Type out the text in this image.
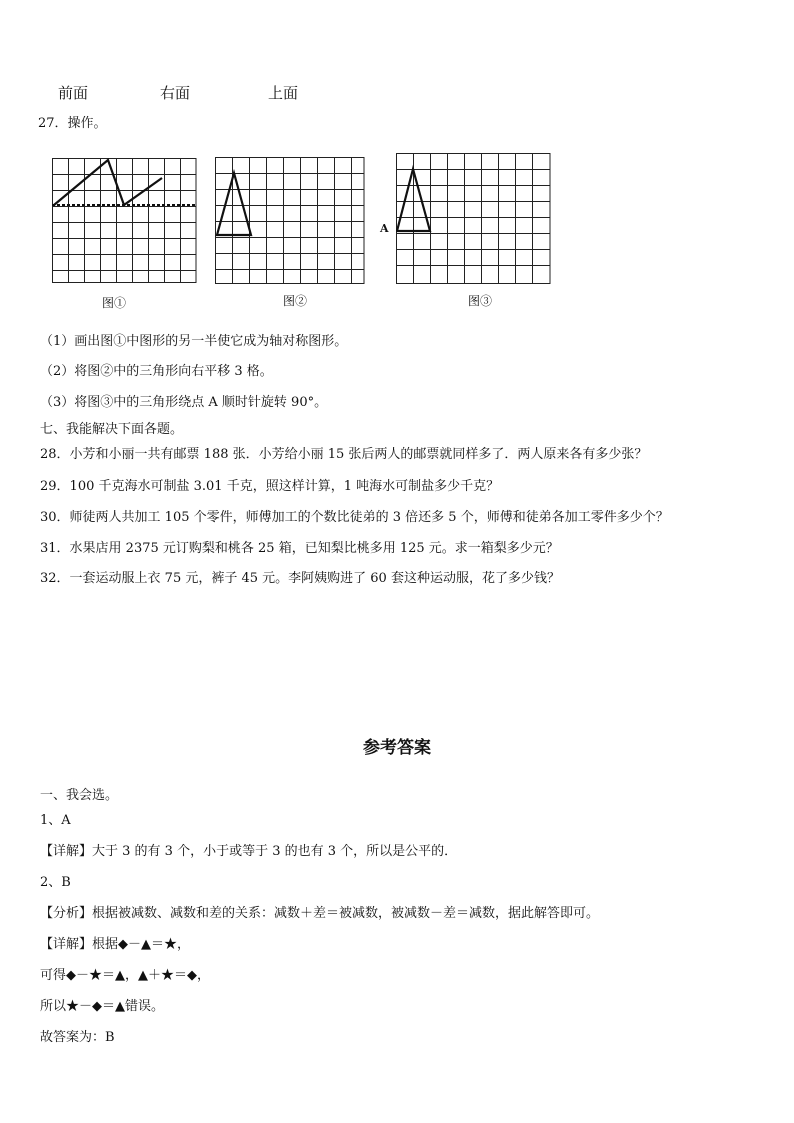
前面	右面	上面
27．操作。
图①	图②
A
图③
（1）画出图①中图形的另一半使它成为轴对称图形。
（2）将图②中的三角形向右平移 3 格。
（3）将图③中的三角形绕点 A 顺时针旋转 90°。
七、我能解决下面各题。
28．小芳和小丽一共有邮票 188 张．小芳给小丽 15 张后两人的邮票就同样多了．两人原来各有多少张？
29．100 千克海水可制盐 3.01 千克，照这样计算，1 吨海水可制盐多少千克？
30．师徒两人共加工 105 个零件，师傅加工的个数比徒弟的 3 倍还多 5 个，师傅和徒弟各加工零件多少个？
31．水果店用 2375 元订购梨和桃各 25 箱，已知梨比桃多用 125 元。求一箱梨多少元？
32．一套运动服上衣 75 元，裤子 45 元。李阿姨购进了 60 套这种运动服，花了多少钱？
参考答案
一、我会选。
1、A
【详解】大于 3 的有 3 个，小于或等于 3 的也有 3 个，所以是公平的．
2、B
【分析】根据被减数、减数和差的关系：减数＋差＝被减数，被减数－差＝减数，据此解答即可。
【详解】根据◆－▲＝★，
可得◆－★＝▲，▲＋★＝◆，
所以★－◆＝▲错误。
故答案为：B
